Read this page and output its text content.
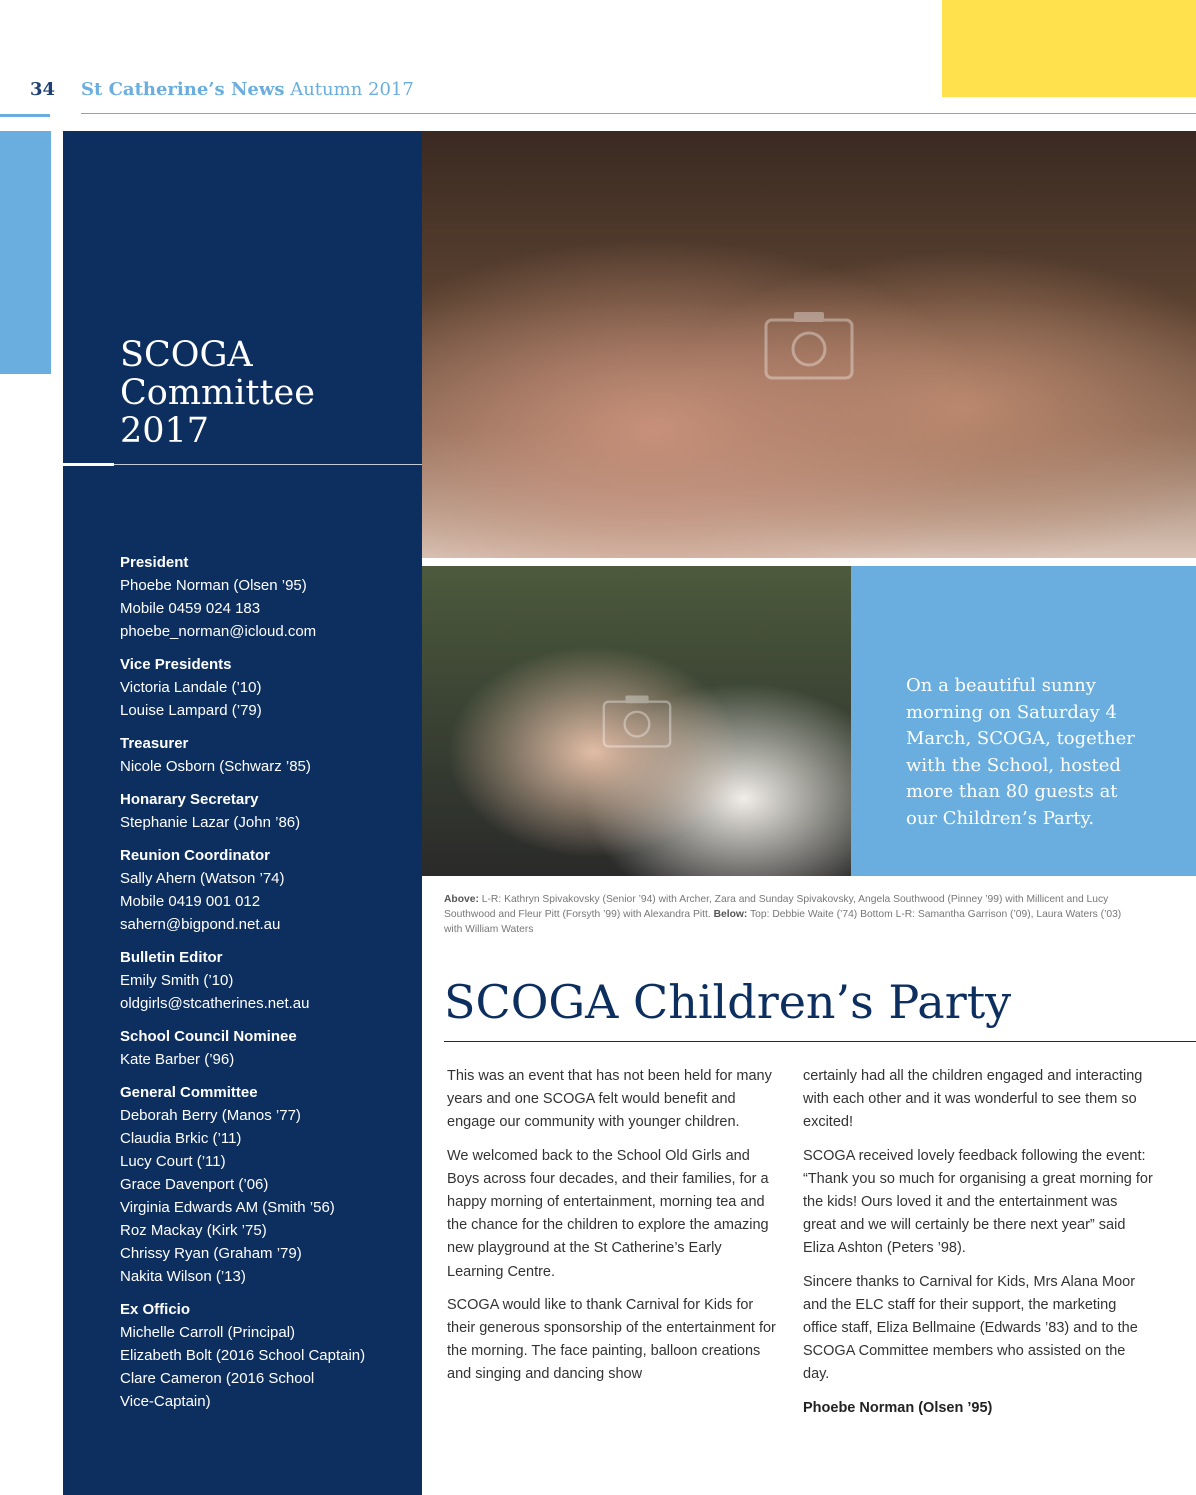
34 St Catherine’s News Autumn 2017
SCOGA
Committee
2017
President
Phoebe Norman (Olsen ’95)
Mobile 0459 024 183
phoebe_norman@icloud.com
Vice Presidents
Victoria Landale (’10)
Louise Lampard (’79)
Treasurer
Nicole Osborn (Schwarz ’85)
Honarary Secretary
Stephanie Lazar (John ’86)
Reunion Coordinator
Sally Ahern (Watson ’74)
Mobile 0419 001 012
sahern@bigpond.net.au
Bulletin Editor
Emily Smith (’10)
oldgirls@stcatherines.net.au
School Council Nominee
Kate Barber (’96)
General Committee
Deborah Berry (Manos ’77)
Claudia Brkic (’11)
Lucy Court (’11)
Grace Davenport (’06)
Virginia Edwards AM (Smith ’56)
Roz Mackay (Kirk ’75)
Chrissy Ryan (Graham ’79)
Nakita Wilson (’13)
Ex Officio
Michelle Carroll (Principal)
Elizabeth Bolt (2016 School Captain)
Clare Cameron (2016 School
Vice-Captain)
On a beautiful sunny morning on Saturday 4 March, SCOGA, together with the School, hosted more than 80 guests at our Children’s Party.
Above: L-R: Kathryn Spivakovsky (Senior ’94) with Archer, Zara and Sunday Spivakovsky, Angela Southwood (Pinney ’99) with Millicent and Lucy Southwood and Fleur Pitt (Forsyth ’99) with Alexandra Pitt. Below: Top: Debbie Waite (’74) Bottom L-R: Samantha Garrison (’09), Laura Waters (’03) with William Waters
SCOGA Children’s Party

This was an event that has not been held for many years and one SCOGA felt would benefit and engage our community with younger children.

We welcomed back to the School Old Girls and Boys across four decades, and their families, for a happy morning of entertainment, morning tea and the chance for the children to explore the amazing new playground at the St Catherine’s Early Learning Centre.

SCOGA would like to thank Carnival for Kids for their generous sponsorship of the entertainment for the morning. The face painting, balloon creations and singing and dancing show

certainly had all the children engaged and interacting with each other and it was wonderful to see them so excited!

SCOGA received lovely feedback following the event: “Thank you so much for organising a great morning for the kids! Ours loved it and the entertainment was great and we will certainly be there next year” said Eliza Ashton (Peters ’98).

Sincere thanks to Carnival for Kids, Mrs Alana Moor and the ELC staff for their support, the marketing office staff, Eliza Bellmaine (Edwards ’83) and to the SCOGA Committee members who assisted on the day.

Phoebe Norman (Olsen ’95)
